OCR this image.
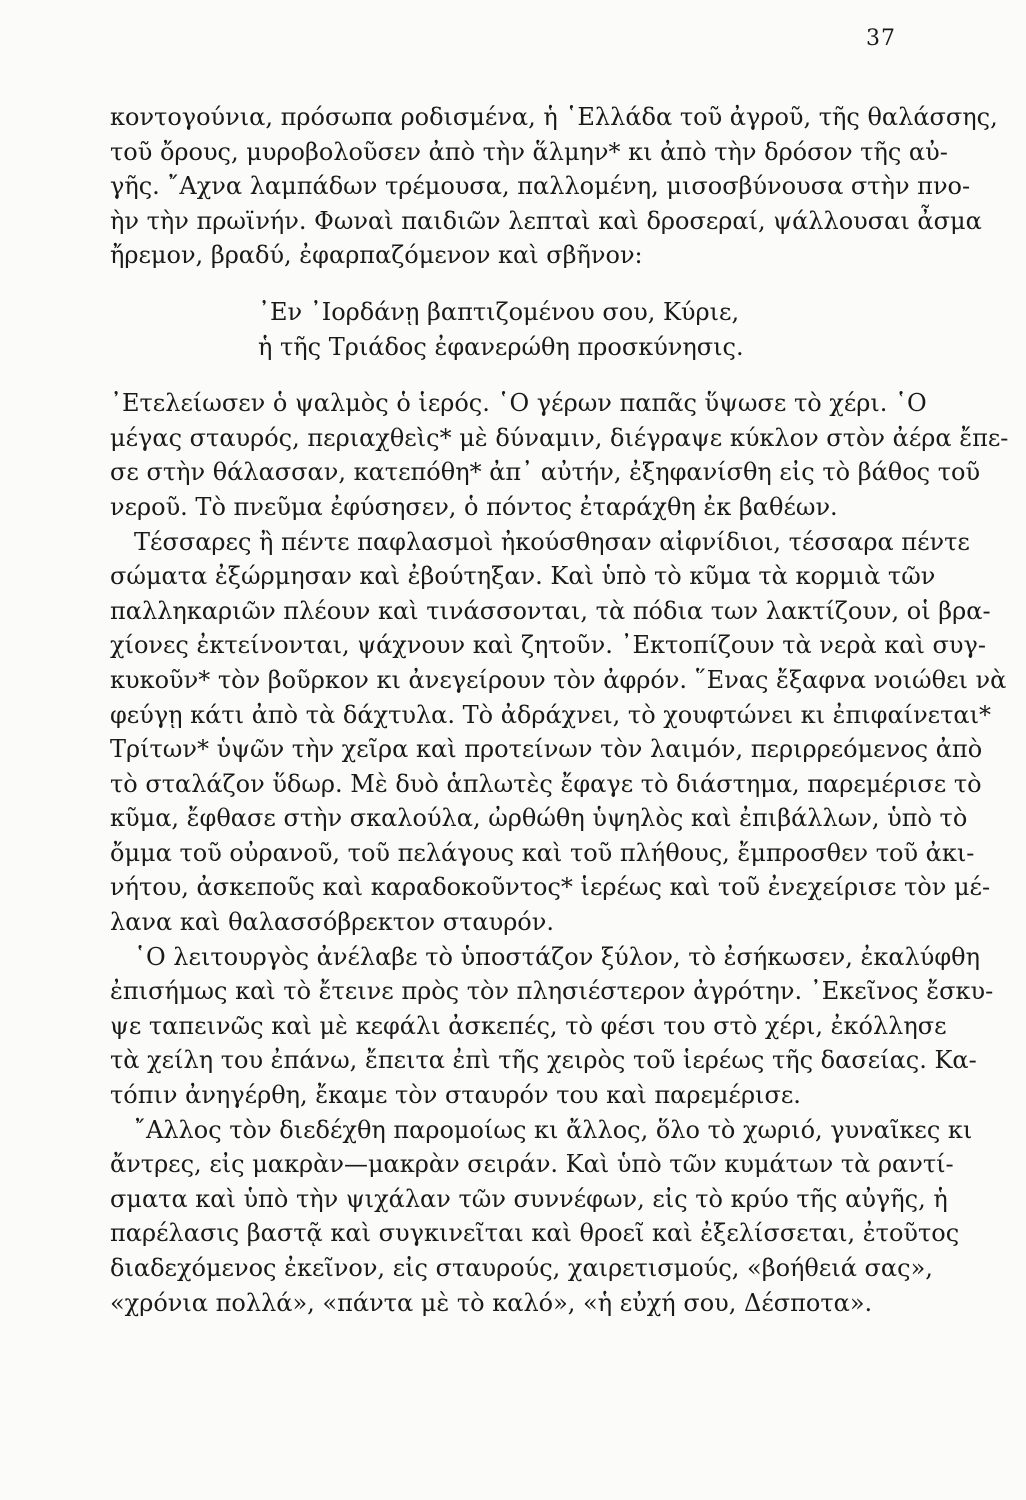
37
κοντογούνια, πρόσωπα ροδισμένα, ἡ ῾Ελλάδα τοῦ ἀγροῦ, τῆς θαλάσσης,
τοῦ ὄρους, μυροβολοῦσεν ἀπὸ τὴν ἅλμην* κι ἀπὸ τὴν δρόσον τῆς αὐ-
γῆς. ῎Αχνα λαμπάδων τρέμουσα, παλλομένη, μισοσβύνουσα στὴν πνο-
ὴν τὴν πρωϊνήν. Φωναὶ παιδιῶν λεπταὶ καὶ δροσεραί, ψάλλουσαι ἆσμα
ἤρεμον, βραδύ, ἐφαρπαζόμενον καὶ σβῆνον:
᾿Εν ᾿Ιορδάνῃ βαπτιζομένου σου, Κύριε,
ἡ τῆς Τριάδος ἐφανερώθη προσκύνησις.
᾿Ετελείωσεν ὁ ψαλμὸς ὁ ἱερός. ῾Ο γέρων παπᾶς ὕψωσε τὸ χέρι. ῾Ο
μέγας σταυρός, περιαχθεὶς* μὲ δύναμιν, διέγραψε κύκλον στὸν ἀέρα ἔπε-
σε στὴν θάλασσαν, κατεπόθη* ἀπ᾿ αὐτήν, ἐξηφανίσθη εἰς τὸ βάθος τοῦ
νεροῦ. Τὸ πνεῦμα ἐφύσησεν, ὁ πόντος ἐταράχθη ἐκ βαθέων.
Τέσσαρες ἢ πέντε παφλασμοὶ ἠκούσθησαν αἰφνίδιοι, τέσσαρα πέντε
σώματα ἐξώρμησαν καὶ ἐβούτηξαν. Καὶ ὑπὸ τὸ κῦμα τὰ κορμιὰ τῶν
παλληκαριῶν πλέουν καὶ τινάσσονται, τὰ πόδια των λακτίζουν, οἱ βρα-
χίονες ἐκτείνονται, ψάχνουν καὶ ζητοῦν. ᾿Εκτοπίζουν τὰ νερὰ καὶ συγ-
κυκοῦν* τὸν βοῦρκον κι ἀνεγείρουν τὸν ἀφρόν. ῞Ενας ἔξαφνα νοιώθει νὰ
φεύγῃ κάτι ἀπὸ τὰ δάχτυλα. Τὸ ἀδράχνει, τὸ χουφτώνει κι ἐπιφαίνεται*
Τρίτων* ὑψῶν τὴν χεῖρα καὶ προτείνων τὸν λαιμόν, περιρρεόμενος ἀπὸ
τὸ σταλάζον ὕδωρ. Μὲ δυὸ ἁπλωτὲς ἔφαγε τὸ διάστημα, παρεμέρισε τὸ
κῦμα, ἔφθασε στὴν σκαλούλα, ὠρθώθη ὑψηλὸς καὶ ἐπιβάλλων, ὑπὸ τὸ
ὄμμα τοῦ οὐρανοῦ, τοῦ πελάγους καὶ τοῦ πλήθους, ἔμπροσθεν τοῦ ἀκι-
νήτου, ἀσκεποῦς καὶ καραδοκοῦντος* ἱερέως καὶ τοῦ ἐνεχείρισε τὸν μέ-
λανα καὶ θαλασσόβρεκτον σταυρόν.
῾Ο λειτουργὸς ἀνέλαβε τὸ ὑποστάζον ξύλον, τὸ ἐσήκωσεν, ἐκαλύφθη
ἐπισήμως καὶ τὸ ἔτεινε πρὸς τὸν πλησιέστερον ἀγρότην. ᾿Εκεῖνος ἔσκυ-
ψε ταπεινῶς καὶ μὲ κεφάλι ἀσκεπές, τὸ φέσι του στὸ χέρι, ἐκόλλησε
τὰ χείλη του ἐπάνω, ἔπειτα ἐπὶ τῆς χειρὸς τοῦ ἱερέως τῆς δασείας. Κα-
τόπιν ἀνηγέρθη, ἔκαμε τὸν σταυρόν του καὶ παρεμέρισε.
῎Αλλος τὸν διεδέχθη παρομοίως κι ἄλλος, ὅλο τὸ χωριό, γυναῖκες κι
ἄντρες, εἰς μακρὰν—μακρὰν σειράν. Καὶ ὑπὸ τῶν κυμάτων τὰ ραντί-
σματα καὶ ὑπὸ τὴν ψιχάλαν τῶν συννέφων, εἰς τὸ κρύο τῆς αὐγῆς, ἡ
παρέλασις βαστᾷ καὶ συγκινεῖται καὶ θροεῖ καὶ ἐξελίσσεται, ἐτοῦτος
διαδεχόμενος ἐκεῖνον, εἰς σταυρούς, χαιρετισμούς, «βοήθειά σας»,
«χρόνια πολλά», «πάντα μὲ τὸ καλό», «ἡ εὐχή σου, Δέσποτα».
